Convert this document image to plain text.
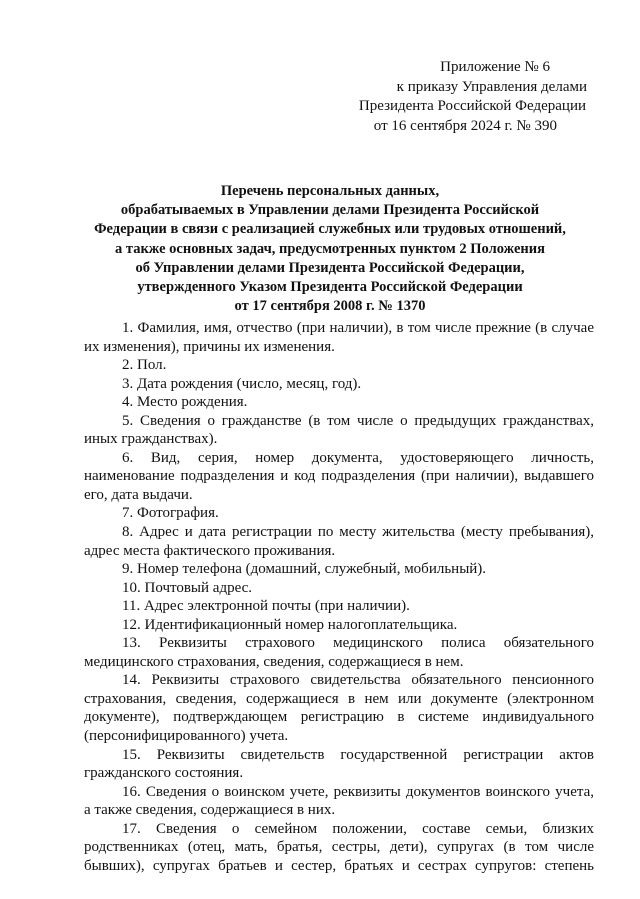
Приложение № 6
к приказу Управления делами
Президента Российской Федерации
от 16 сентября 2024 г. № 390
Перечень персональных данных,
обрабатываемых в Управлении делами Президента Российской
Федерации в связи с реализацией служебных или трудовых отношений,
а также основных задач, предусмотренных пунктом 2 Положения
об Управлении делами Президента Российской Федерации,
утвержденного Указом Президента Российской Федерации
от 17 сентября 2008 г. № 1370
1. Фамилия, имя, отчество (при наличии), в том числе прежние (в случае
их изменения), причины их изменения.
2. Пол.
3. Дата рождения (число, месяц, год).
4. Место рождения.
5. Сведения о гражданстве (в том числе о предыдущих гражданствах,
иных гражданствах).
6. Вид, серия, номер документа, удостоверяющего личность,
наименование подразделения и код подразделения (при наличии), выдавшего
его, дата выдачи.
7. Фотография.
8. Адрес и дата регистрации по месту жительства (месту пребывания),
адрес места фактического проживания.
9. Номер телефона (домашний, служебный, мобильный).
10. Почтовый адрес.
11. Адрес электронной почты (при наличии).
12. Идентификационный номер налогоплательщика.
13. Реквизиты страхового медицинского полиса обязательного
медицинского страхования, сведения, содержащиеся в нем.
14. Реквизиты страхового свидетельства обязательного пенсионного
страхования, сведения, содержащиеся в нем или документе (электронном
документе), подтверждающем регистрацию в системе индивидуального
(персонифицированного) учета.
15. Реквизиты свидетельств государственной регистрации актов
гражданского состояния.
16. Сведения о воинском учете, реквизиты документов воинского учета,
а также сведения, содержащиеся в них.
17. Сведения о семейном положении, составе семьи, близких
родственниках (отец, мать, братья, сестры, дети), супругах (в том числе
бывших), супругах братьев и сестер, братьях и сестрах супругов: степень
